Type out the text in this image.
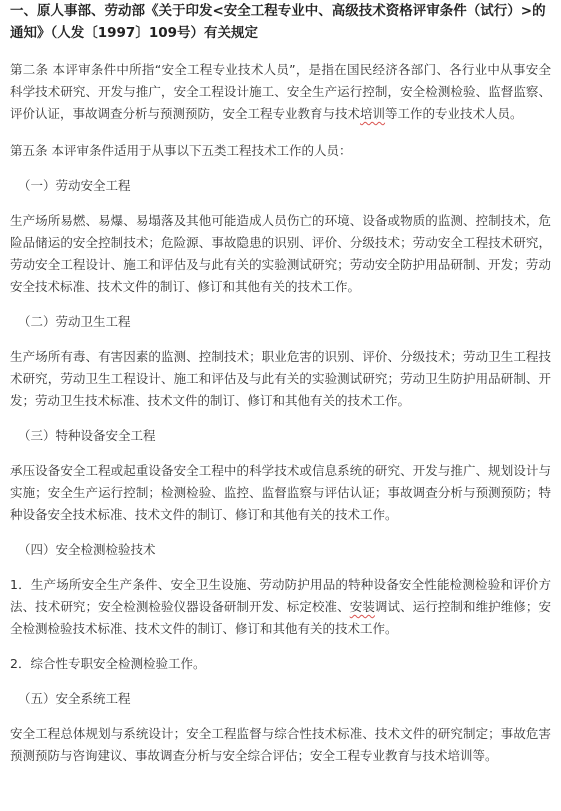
一、原人事部、劳动部《关于印发<安全工程专业中、高级技术资格评审条件（试行）>的通知》（人发〔1997〕109号）有关规定

第二条 本评审条件中所指“安全工程专业技术人员”，是指在国民经济各部门、各行业中从事安全科学技术研究、开发与推广，安全工程设计施工、安全生产运行控制，安全检测检验、监督监察、评价认证，事故调查分析与预测预防，安全工程专业教育与技术培训等工作的专业技术人员。

第五条 本评审条件适用于从事以下五类工程技术工作的人员：

（一）劳动安全工程

生产场所易燃、易爆、易塌落及其他可能造成人员伤亡的环境、设备或物质的监测、控制技术，危险品储运的安全控制技术；危险源、事故隐患的识别、评价、分级技术；劳动安全工程技术研究，劳动安全工程设计、施工和评估及与此有关的实验测试研究；劳动安全防护用品研制、开发；劳动安全技术标准、技术文件的制订、修订和其他有关的技术工作。

（二）劳动卫生工程

生产场所有毒、有害因素的监测、控制技术；职业危害的识别、评价、分级技术；劳动卫生工程技术研究，劳动卫生工程设计、施工和评估及与此有关的实验测试研究；劳动卫生防护用品研制、开发；劳动卫生技术标准、技术文件的制订、修订和其他有关的技术工作。

（三）特种设备安全工程

承压设备安全工程或起重设备安全工程中的科学技术或信息系统的研究、开发与推广、规划设计与实施；安全生产运行控制；检测检验、监控、监督监察与评估认证；事故调查分析与预测预防；特种设备安全技术标准、技术文件的制订、修订和其他有关的技术工作。

（四）安全检测检验技术

1．生产场所安全生产条件、安全卫生设施、劳动防护用品的特种设备安全性能检测检验和评价方法、技术研究；安全检测检验仪器设备研制开发、标定校准、安装调试、运行控制和维护维修；安全检测检验技术标准、技术文件的制订、修订和其他有关的技术工作。

2．综合性专职安全检测检验工作。

（五）安全系统工程

安全工程总体规划与系统设计；安全工程监督与综合性技术标准、技术文件的研究制定；事故危害预测预防与咨询建议、事故调查分析与安全综合评估；安全工程专业教育与技术培训等。
